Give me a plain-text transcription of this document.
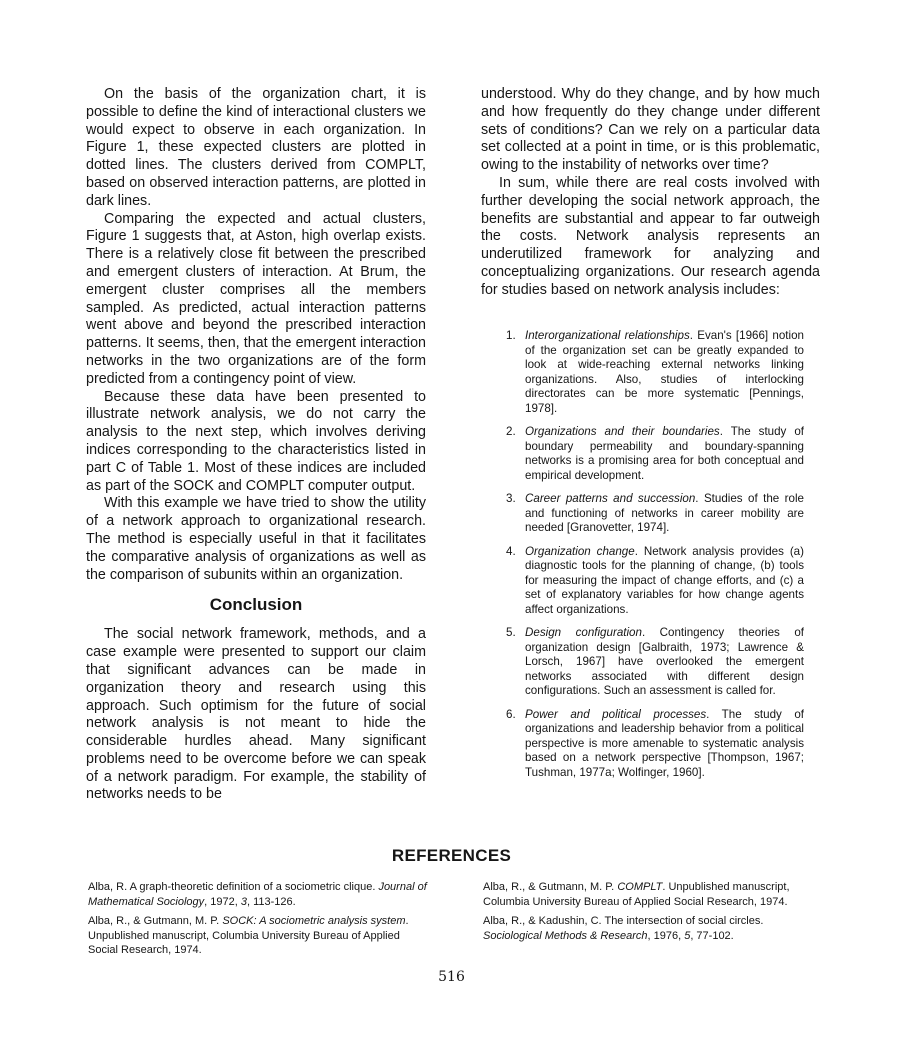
On the basis of the organization chart, it is possible to define the kind of interactional clusters we would expect to observe in each organization. In Figure 1, these expected clusters are plotted in dotted lines. The clusters derived from COMPLT, based on observed interaction patterns, are plotted in dark lines.

Comparing the expected and actual clusters, Figure 1 suggests that, at Aston, high overlap exists. There is a relatively close fit between the prescribed and emergent clusters of interaction. At Brum, the emergent cluster comprises all the members sampled. As predicted, actual interaction patterns went above and beyond the prescribed interaction patterns. It seems, then, that the emergent interaction networks in the two organizations are of the form predicted from a contingency point of view.

Because these data have been presented to illustrate network analysis, we do not carry the analysis to the next step, which involves deriving indices corresponding to the characteristics listed in part C of Table 1. Most of these indices are included as part of the SOCK and COMPLT computer output.

With this example we have tried to show the utility of a network approach to organizational research. The method is especially useful in that it facilitates the comparative analysis of organizations as well as the comparison of subunits within an organization.

Conclusion

The social network framework, methods, and a case example were presented to support our claim that significant advances can be made in organization theory and research using this approach. Such optimism for the future of social network analysis is not meant to hide the considerable hurdles ahead. Many significant problems need to be overcome before we can speak of a network paradigm. For example, the stability of networks needs to be

understood. Why do they change, and by how much and how frequently do they change under different sets of conditions? Can we rely on a particular data set collected at a point in time, or is this problematic, owing to the instability of networks over time?

In sum, while there are real costs involved with further developing the social network approach, the benefits are substantial and appear to far outweigh the costs. Network analysis represents an underutilized framework for analyzing and conceptualizing organizations. Our research agenda for studies based on network analysis includes:

1. Interorganizational relationships. Evan's [1966] notion of the organization set can be greatly expanded to look at wide-reaching external networks linking organizations. Also, studies of interlocking directorates can be more systematic [Pennings, 1978].
2. Organizations and their boundaries. The study of boundary permeability and boundary-spanning networks is a promising area for both conceptual and empirical development.
3. Career patterns and succession. Studies of the role and functioning of networks in career mobility are needed [Granovetter, 1974].
4. Organization change. Network analysis provides (a) diagnostic tools for the planning of change, (b) tools for measuring the impact of change efforts, and (c) a set of explanatory variables for how change agents affect organizations.
5. Design configuration. Contingency theories of organization design [Galbraith, 1973; Lawrence & Lorsch, 1967] have overlooked the emergent networks associated with different design configurations. Such an assessment is called for.
6. Power and political processes. The study of organizations and leadership behavior from a political perspective is more amenable to systematic analysis based on a network perspective [Thompson, 1967; Tushman, 1977a; Wolfinger, 1960].
REFERENCES

Alba, R. A graph-theoretic definition of a sociometric clique. Journal of Mathematical Sociology, 1972, 3, 113-126.

Alba, R., & Gutmann, M. P. SOCK: A sociometric analysis system. Unpublished manuscript, Columbia University Bureau of Applied Social Research, 1974.

Alba, R., & Gutmann, M. P. COMPLT. Unpublished manuscript, Columbia University Bureau of Applied Social Research, 1974.

Alba, R., & Kadushin, C. The intersection of social circles. Sociological Methods & Research, 1976, 5, 77-102.

516
